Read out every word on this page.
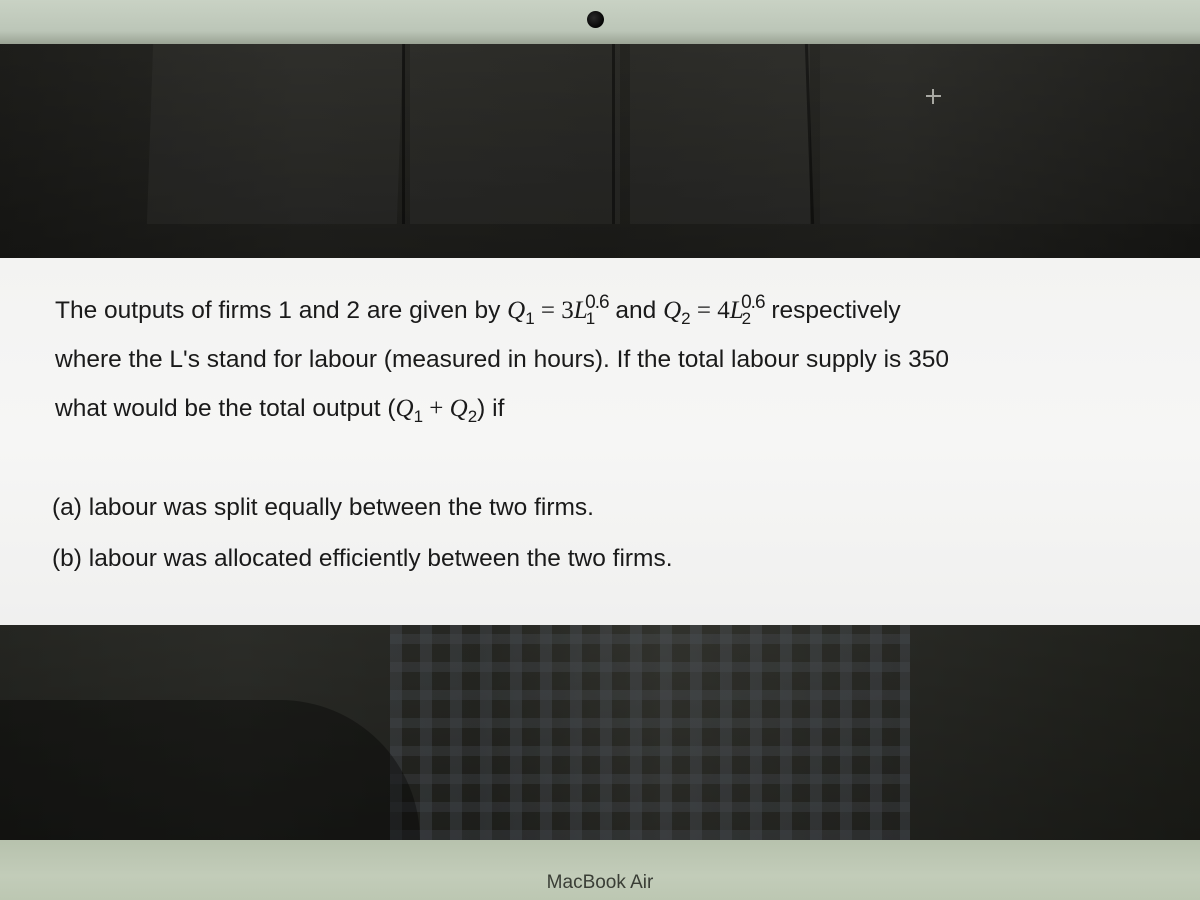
The outputs of firms 1 and 2 are given by $Q_1 = 3L_1^{0.6}$ and $Q_2 = 4L_2^{0.6}$ respectively
where the L's stand for labour (measured in hours). If the total labour supply is 350
what would be the total output $(Q_1 + Q_2)$ if
(a) labour was split equally between the two firms.
(b) labour was allocated efficiently between the two firms.
MacBook Air
